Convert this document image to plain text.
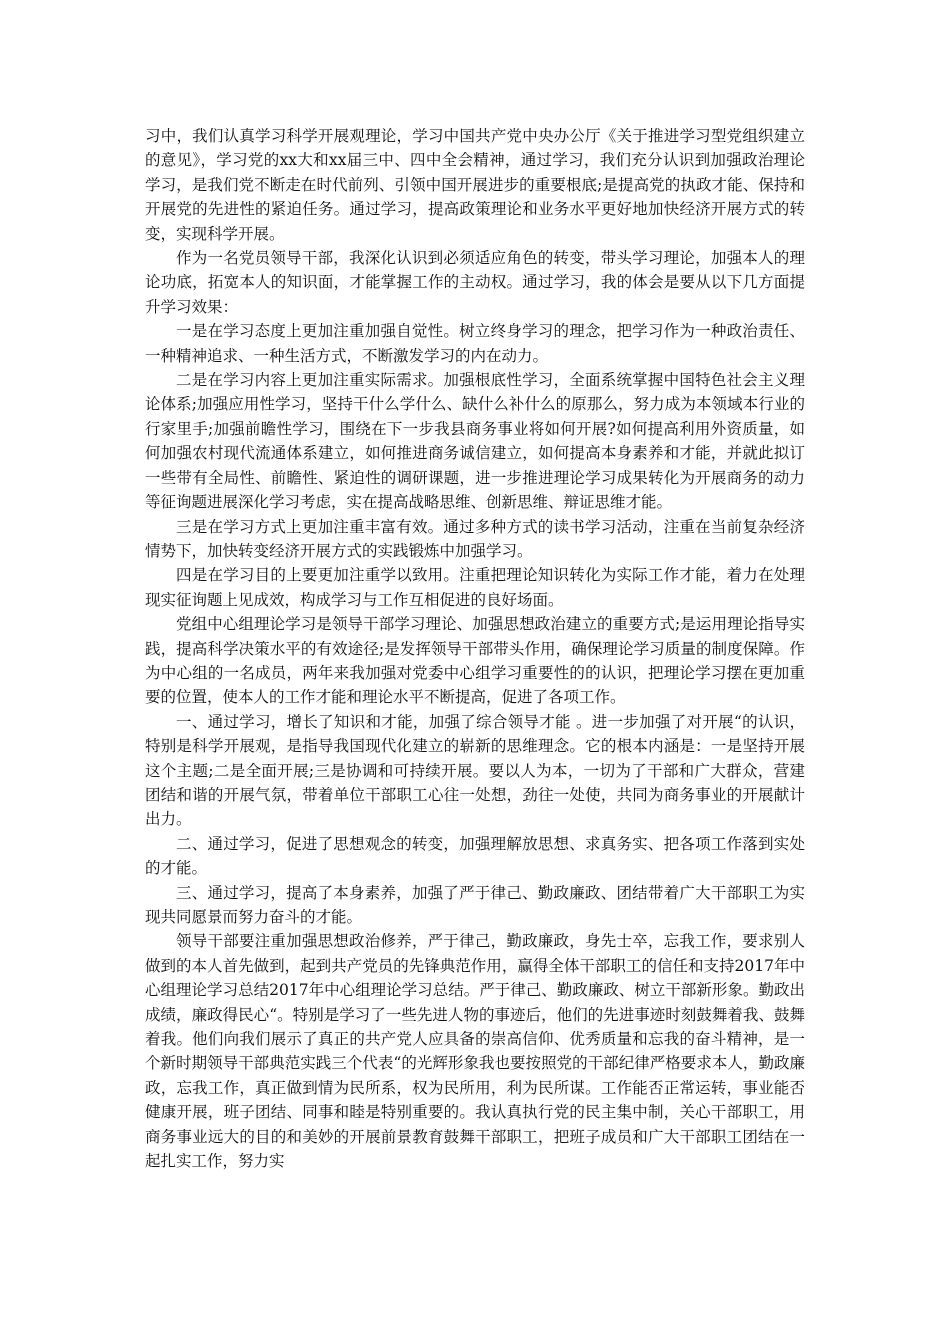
习中，我们认真学习科学开展观理论，学习中国共产党中央办公厅《关于推进学习型党组织建立的意见》，学习党的xx大和xx届三中、四中全会精神，通过学习，我们充分认识到加强政治理论学习，是我们党不断走在时代前列、引领中国开展进步的重要根底;是提高党的执政才能、保持和开展党的先进性的紧迫任务。通过学习，提高政策理论和业务水平更好地加快经济开展方式的转变，实现科学开展。

作为一名党员领导干部，我深化认识到必须适应角色的转变，带头学习理论，加强本人的理论功底，拓宽本人的知识面，才能掌握工作的主动权。通过学习，我的体会是要从以下几方面提升学习效果：

一是在学习态度上更加注重加强自觉性。树立终身学习的理念，把学习作为一种政治责任、一种精神追求、一种生活方式，不断激发学习的内在动力。

二是在学习内容上更加注重实际需求。加强根底性学习，全面系统掌握中国特色社会主义理论体系;加强应用性学习，坚持干什么学什么、缺什么补什么的原那么，努力成为本领域本行业的行家里手;加强前瞻性学习，围绕在下一步我县商务事业将如何开展?如何提高利用外资质量，如何加强农村现代流通体系建立，如何推进商务诚信建立，如何提高本身素养和才能，并就此拟订一些带有全局性、前瞻性、紧迫性的调研课题，进一步推进理论学习成果转化为开展商务的动力等征询题进展深化学习考虑，实在提高战略思维、创新思维、辩证思维才能。

三是在学习方式上更加注重丰富有效。通过多种方式的读书学习活动，注重在当前复杂经济情势下，加快转变经济开展方式的实践锻炼中加强学习。

四是在学习目的上要更加注重学以致用。注重把理论知识转化为实际工作才能，着力在处理现实征询题上见成效，构成学习与工作互相促进的良好场面。

党组中心组理论学习是领导干部学习理论、加强思想政治建立的重要方式;是运用理论指导实践，提高科学决策水平的有效途径;是发挥领导干部带头作用，确保理论学习质量的制度保障。作为中心组的一名成员，两年来我加强对党委中心组学习重要性的的认识，把理论学习摆在更加重要的位置，使本人的工作才能和理论水平不断提高，促进了各项工作。

一、通过学习，增长了知识和才能，加强了综合领导才能 。进一步加强了对开展“的认识，特别是科学开展观，是指导我国现代化建立的崭新的思维理念。它的根本内涵是：一是坚持开展这个主题;二是全面开展;三是协调和可持续开展。要以人为本，一切为了干部和广大群众，营建团结和谐的开展气氛，带着单位干部职工心往一处想，劲往一处使，共同为商务事业的开展献计出力。

二、通过学习，促进了思想观念的转变，加强理解放思想、求真务实、把各项工作落到实处的才能。

三、通过学习，提高了本身素养，加强了严于律己、勤政廉政、团结带着广大干部职工为实现共同愿景而努力奋斗的才能。

领导干部要注重加强思想政治修养，严于律己，勤政廉政，身先士卒，忘我工作，要求别人做到的本人首先做到，起到共产党员的先锋典范作用，赢得全体干部职工的信任和支持2017年中心组理论学习总结2017年中心组理论学习总结。严于律己、勤政廉政、树立干部新形象。勤政出成绩，廉政得民心“。特别是学习了一些先进人物的事迹后，他们的先进事迹时刻鼓舞着我、鼓舞着我。他们向我们展示了真正的共产党人应具备的崇高信仰、优秀质量和忘我的奋斗精神，是一个新时期领导干部典范实践三个代表“的光辉形象我也要按照党的干部纪律严格要求本人，勤政廉政，忘我工作，真正做到情为民所系，权为民所用，利为民所谋。工作能否正常运转，事业能否健康开展，班子团结、同事和睦是特别重要的。我认真执行党的民主集中制，关心干部职工，用商务事业远大的目的和美妙的开展前景教育鼓舞干部职工，把班子成员和广大干部职工团结在一起扎实工作，努力实
